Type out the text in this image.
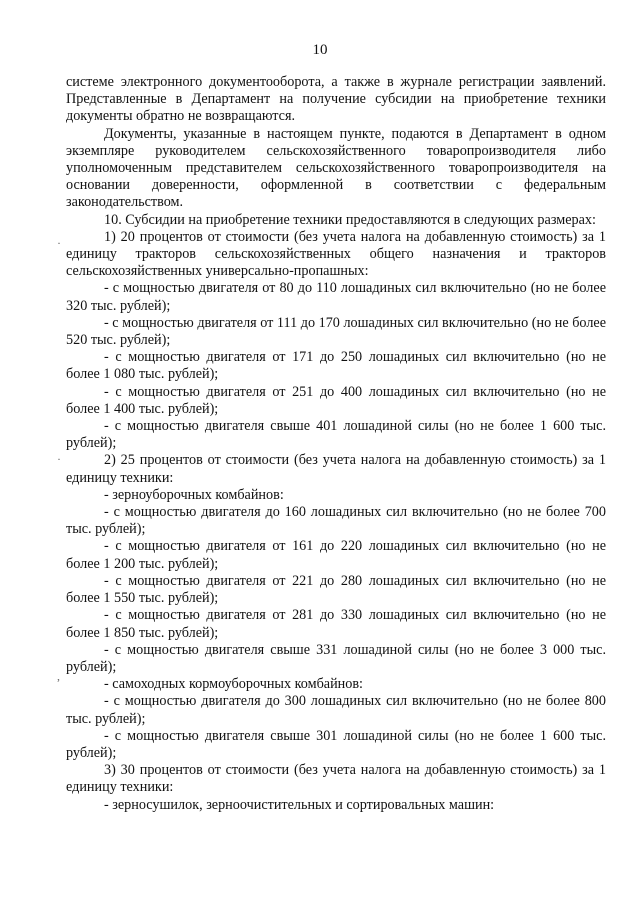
10

системе электронного документооборота, а также в журнале регистрации заявлений. Представленные в Департамент на получение субсидии на приобретение техники документы обратно не возвращаются.

Документы, указанные в настоящем пункте, подаются в Департамент в одном экземпляре руководителем сельскохозяйственного товаропроизводителя либо уполномоченным представителем сельскохозяйственного товаропроизводителя на основании доверенности, оформленной в соответствии с федеральным законодательством.

10. Субсидии на приобретение техники предоставляются в следующих размерах:

1) 20 процентов от стоимости (без учета налога на добавленную стоимость) за 1 единицу тракторов сельскохозяйственных общего назначения и тракторов сельскохозяйственных универсально-пропашных:

- с мощностью двигателя от 80 до 110 лошадиных сил включительно (но не более 320 тыс. рублей);

- с мощностью двигателя от 111 до 170 лошадиных сил включительно (но не более 520 тыс. рублей);

- с мощностью двигателя от 171 до 250 лошадиных сил включительно (но не более 1 080 тыс. рублей);

- с мощностью двигателя от 251 до 400 лошадиных сил включительно (но не более 1 400 тыс. рублей);

- с мощностью двигателя свыше 401 лошадиной силы (но не более 1 600 тыс. рублей);

2) 25 процентов от стоимости (без учета налога на добавленную стоимость) за 1 единицу техники:

- зерноуборочных комбайнов:

- с мощностью двигателя до 160 лошадиных сил включительно (но не более 700 тыс. рублей);

- с мощностью двигателя от 161 до 220 лошадиных сил включительно (но не более 1 200 тыс. рублей);

- с мощностью двигателя от 221 до 280 лошадиных сил включительно (но не более 1 550 тыс. рублей);

- с мощностью двигателя от 281 до 330 лошадиных сил включительно (но не более 1 850 тыс. рублей);

- с мощностью двигателя свыше 331 лошадиной силы (но не более 3 000 тыс. рублей);

- самоходных кормоуборочных комбайнов:

- с мощностью двигателя до 300 лошадиных сил включительно (но не более 800 тыс. рублей);

- с мощностью двигателя свыше 301 лошадиной силы (но не более 1 600 тыс. рублей);

3) 30 процентов от стоимости (без учета налога на добавленную стоимость) за 1 единицу техники:

- зерносушилок, зерноочистительных и сортировальных машин:

·
·
,
